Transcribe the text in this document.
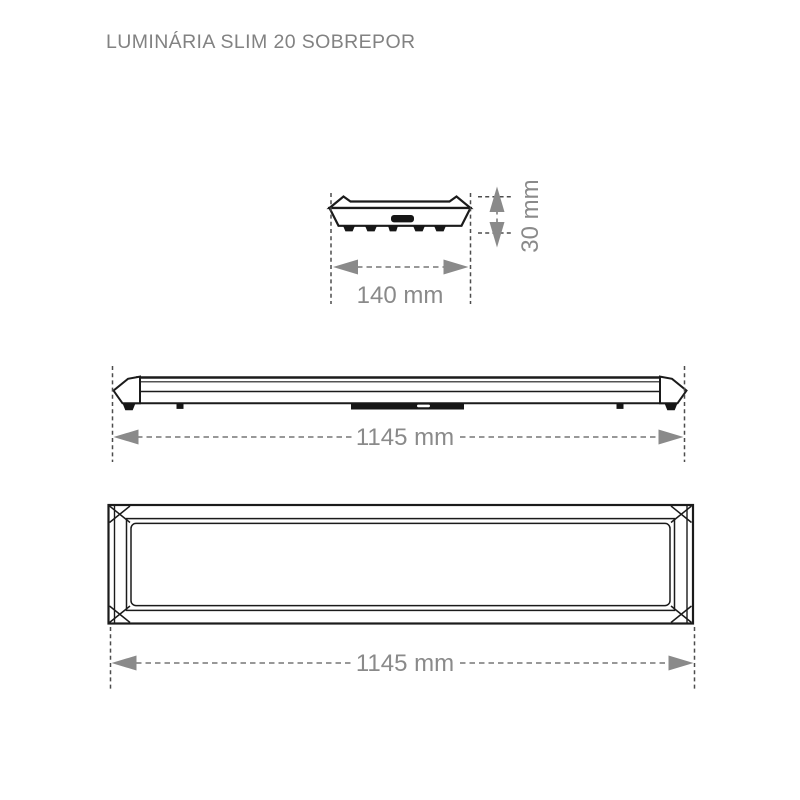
LUMINÁRIA SLIM 20 SOBREPOR
140 mm
30 mm
1145 mm
1145 mm
